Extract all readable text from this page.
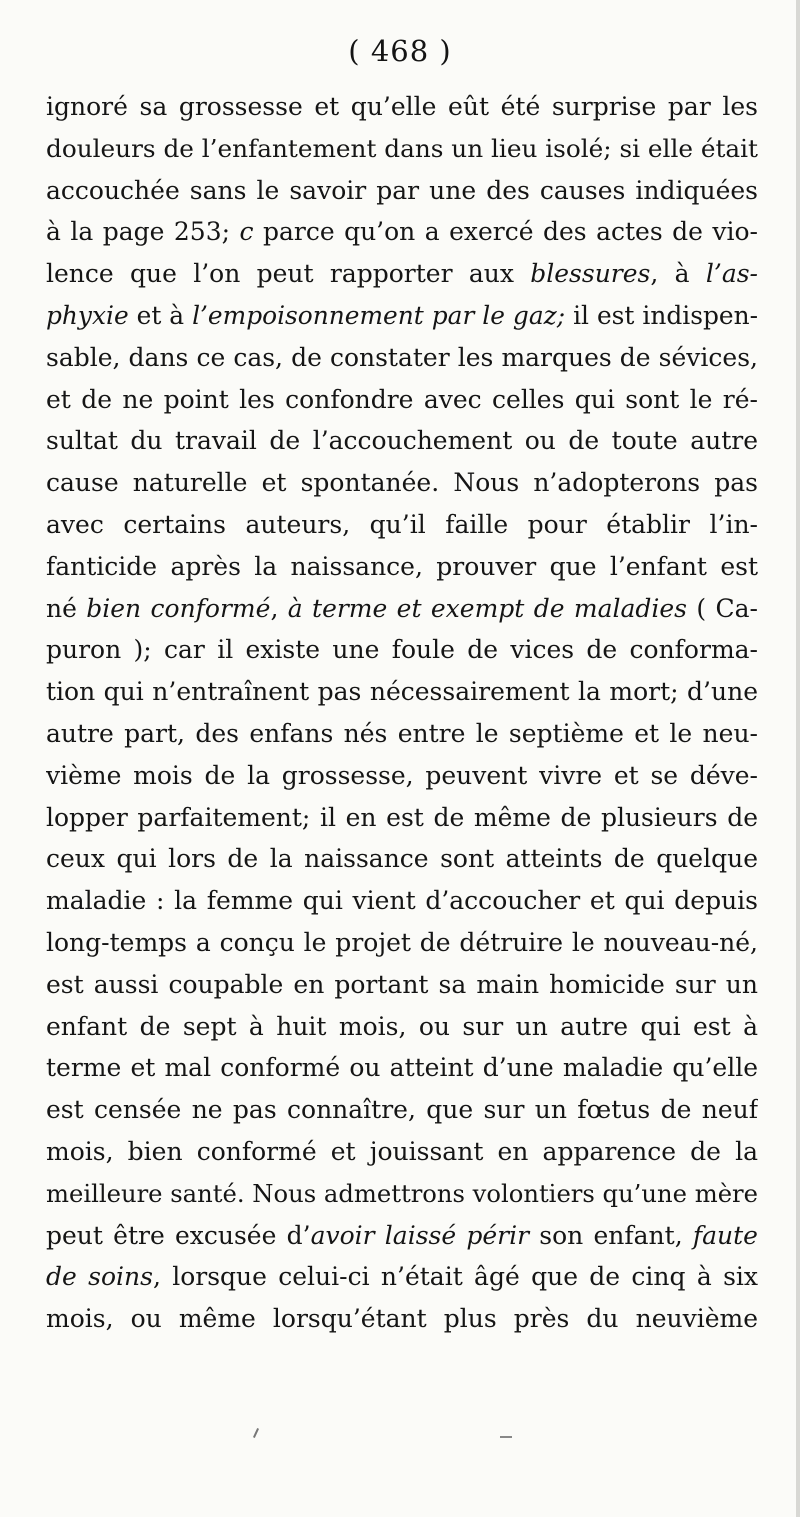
( 468 )
ignoré sa grossesse et qu’elle eût été surprise par les
douleurs de l’enfantement dans un lieu isolé; si elle était
accouchée sans le savoir par une des causes indiquées
à la page 253; c parce qu’on a exercé des actes de vio-
lence que l’on peut rapporter aux blessures, à l’as-
phyxie et à l’empoisonnement par le gaz; il est indispen-
sable, dans ce cas, de constater les marques de sévices,
et de ne point les confondre avec celles qui sont le ré-
sultat du travail de l’accouchement ou de toute autre
cause naturelle et spontanée. Nous n’adopterons pas
avec certains auteurs, qu’il faille pour établir l’in-
fanticide après la naissance, prouver que l’enfant est
né bien conformé, à terme et exempt de maladies ( Ca-
puron ); car il existe une foule de vices de conforma-
tion qui n’entraînent pas nécessairement la mort; d’une
autre part, des enfans nés entre le septième et le neu-
vième mois de la grossesse, peuvent vivre et se déve-
lopper parfaitement; il en est de même de plusieurs de
ceux qui lors de la naissance sont atteints de quelque
maladie : la femme qui vient d’accoucher et qui depuis
long-temps a conçu le projet de détruire le nouveau-né,
est aussi coupable en portant sa main homicide sur un
enfant de sept à huit mois, ou sur un autre qui est à
terme et mal conformé ou atteint d’une maladie qu’elle
est censée ne pas connaître, que sur un fœtus de neuf
mois, bien conformé et jouissant en apparence de la
meilleure santé. Nous admettrons volontiers qu’une mère
peut être excusée d’avoir laissé périr son enfant, faute
de soins, lorsque celui-ci n’était âgé que de cinq à six
mois, ou même lorsqu’étant plus près du neuvième
